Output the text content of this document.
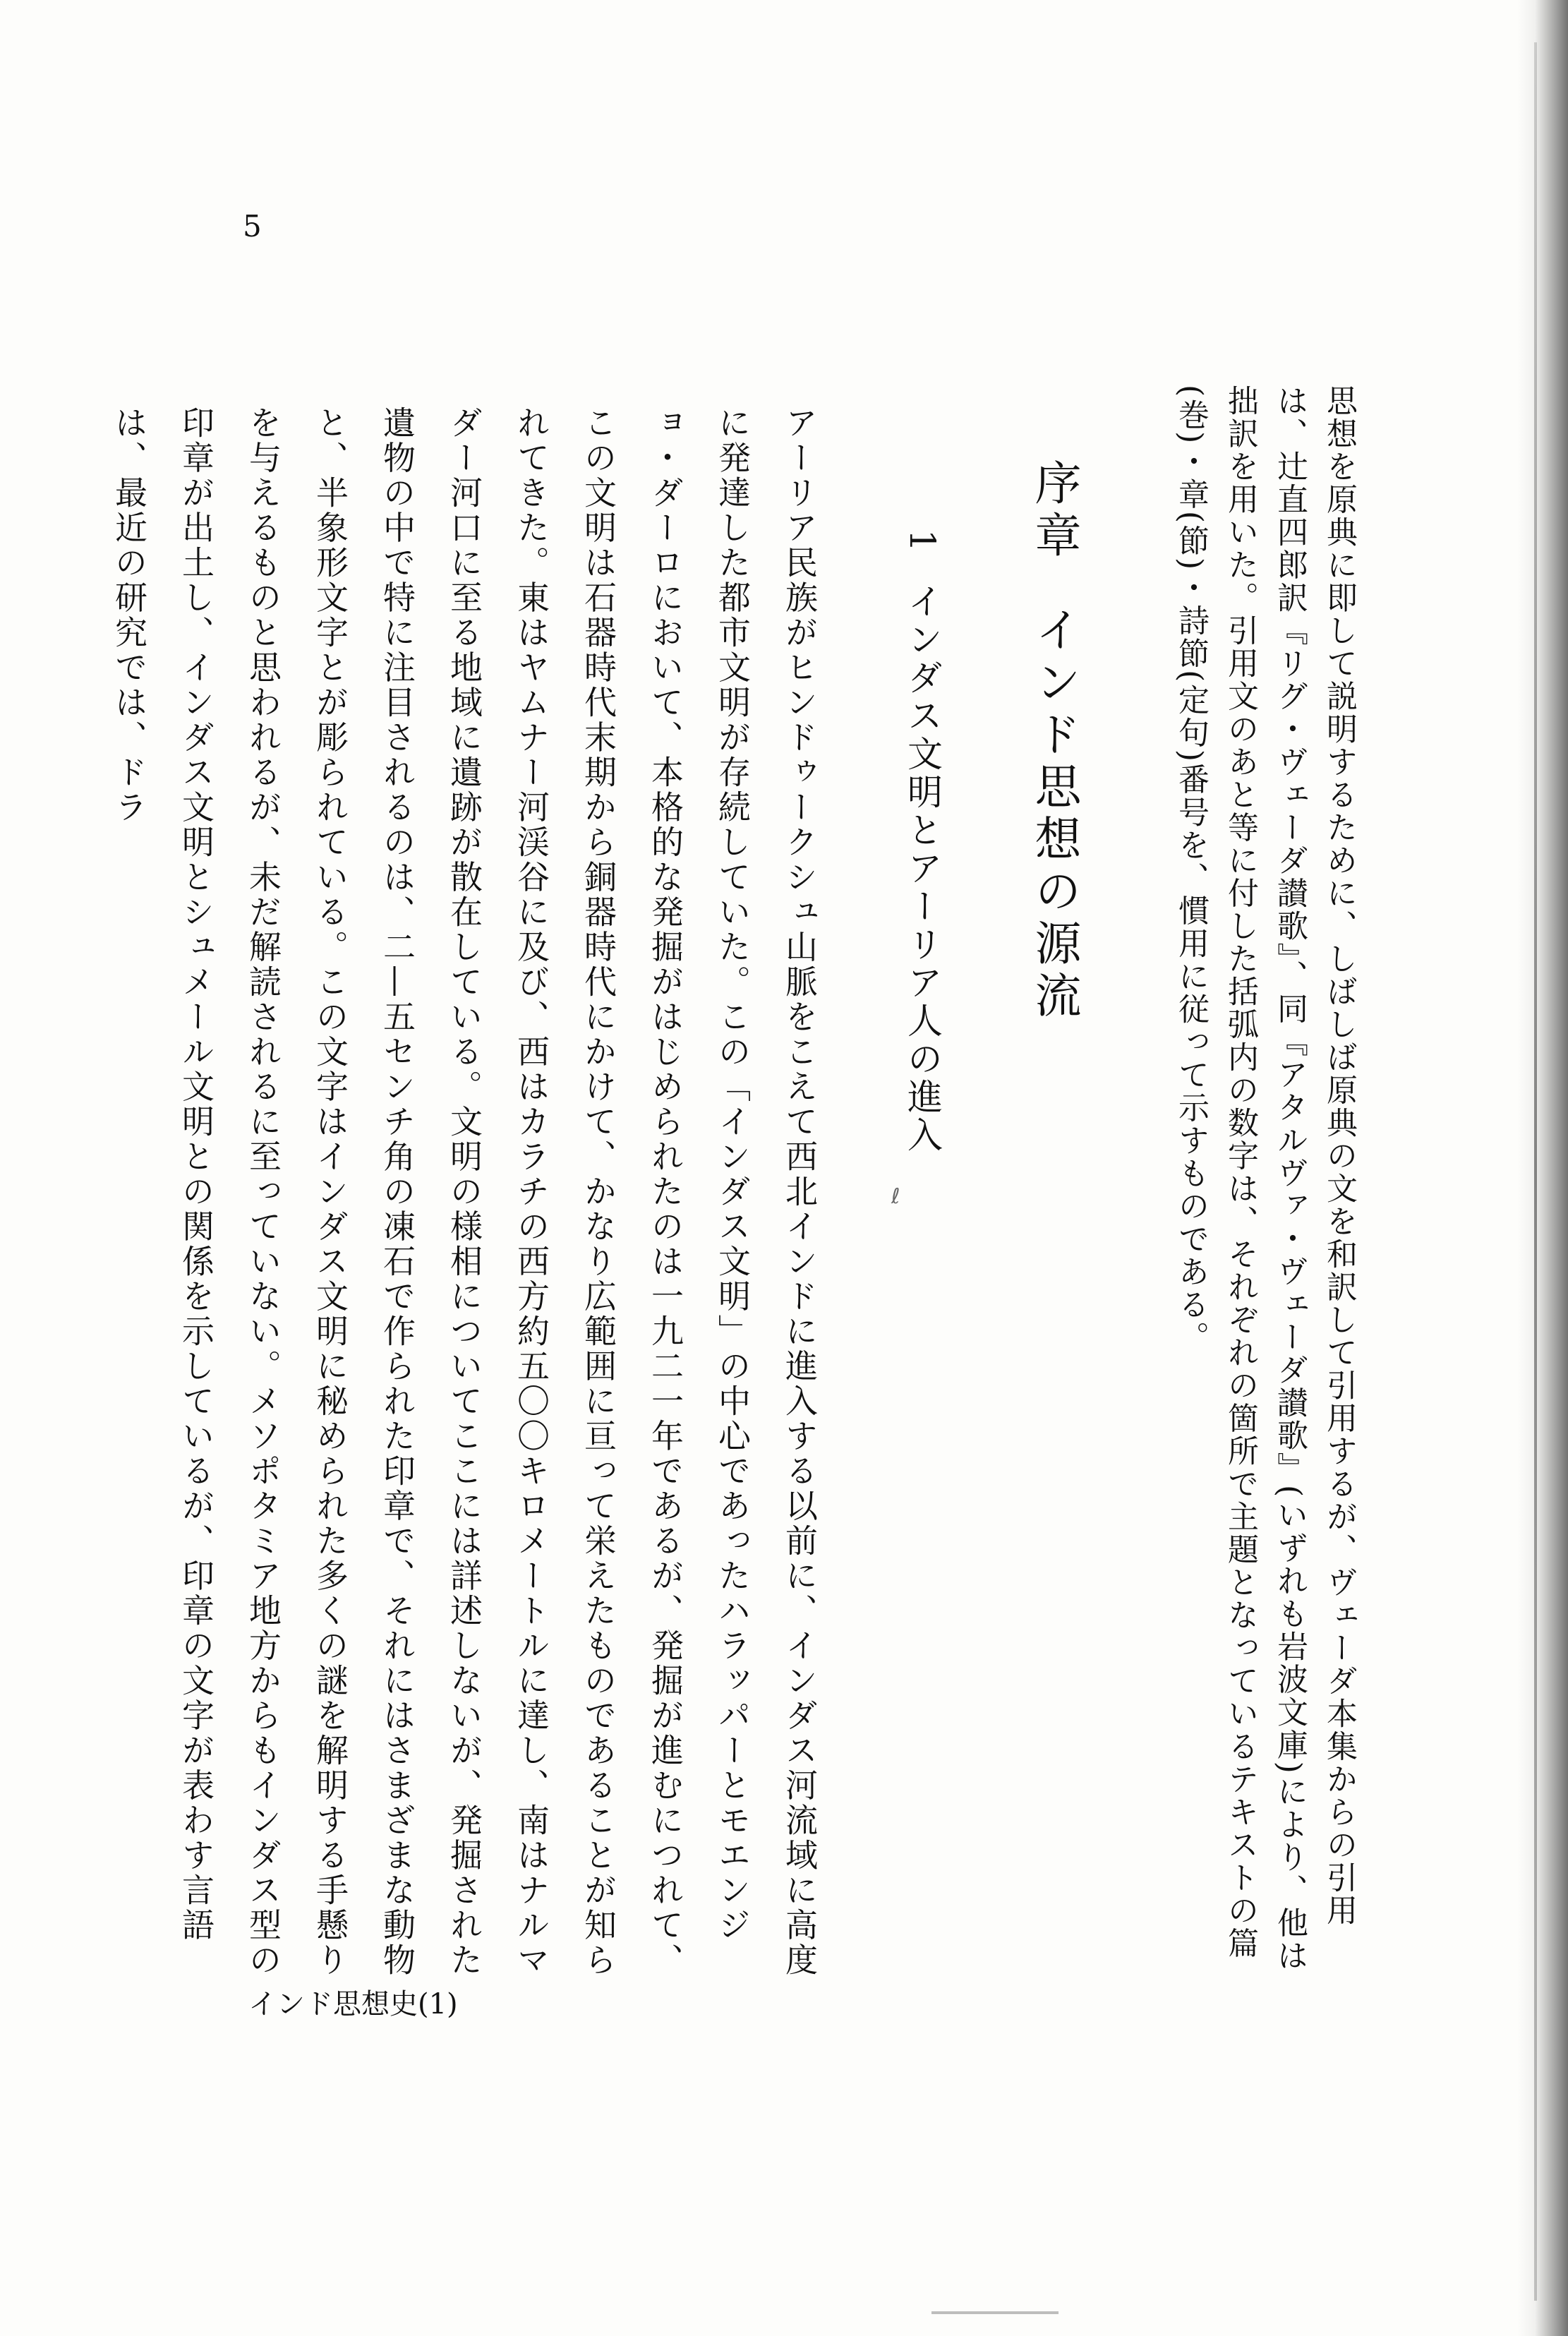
5

思想を原典に即して説明するために、しばしば原典の文を和訳して引用するが、ヴェーダ本集からの引用は、辻直四郎訳『リグ・ヴェーダ讃歌』、同『アタルヴァ・ヴェーダ讃歌』(いずれも岩波文庫)により、他は拙訳を用いた。引用文のあと等に付した括弧内の数字は、それぞれの箇所で主題となっているテキストの篇(巻)・章(節)・詩節(定句)番号を、慣用に従って示すものである。

序章インド思想の源流
1インダス文明とアーリア人の進入
ℓ

アーリア民族がヒンドゥークシュ山脈をこえて西北インドに進入する以前に、インダス河流域に高度に発達した都市文明が存続していた。この「インダス文明」の中心であったハラッパーとモエンジョ・ダーロにおいて、本格的な発掘がはじめられたのは一九二一年であるが、発掘が進むにつれて、この文明は石器時代末期から銅器時代にかけて、かなり広範囲に亘って栄えたものであることが知られてきた。東はヤムナー河渓谷に及び、西はカラチの西方約五〇〇キロメートルに達し、南はナルマダー河口に至る地域に遺跡が散在している。文明の様相についてここには詳述しないが、発掘された遺物の中で特に注目されるのは、二—五センチ角の凍石で作られた印章で、それにはさまざまな動物と、半象形文字とが彫られている。この文字はインダス文明に秘められた多くの謎を解明する手懸りを与えるものと思われるが、未だ解読されるに至っていない。メソポタミア地方からもインダス型の印章が出土し、インダス文明とシュメール文明との関係を示しているが、印章の文字が表わす言語は、最近の研究では、ドラ

インド思想史(1)
